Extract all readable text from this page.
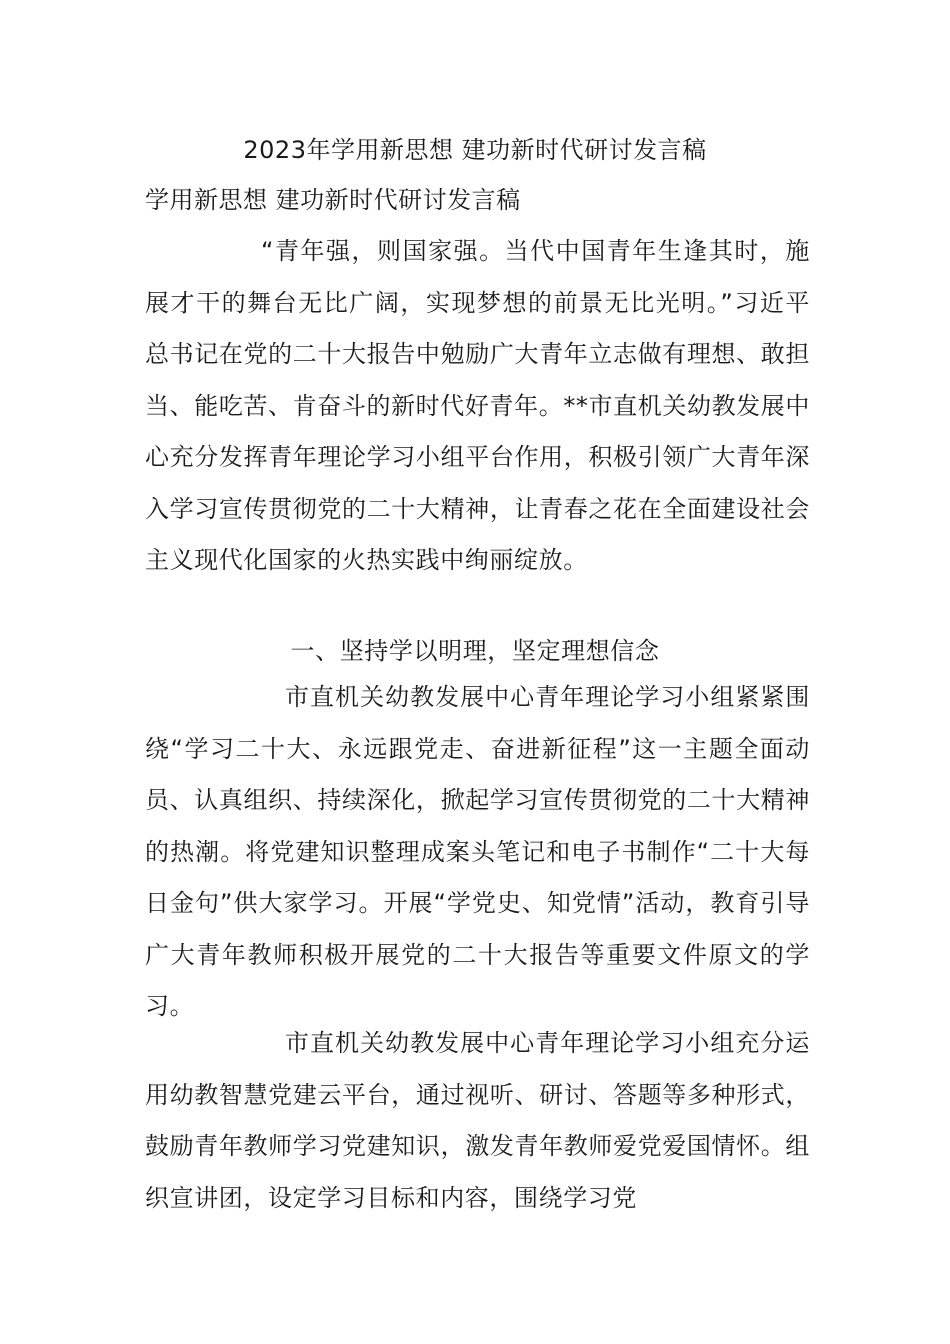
2023年学用新思想 建功新时代研讨发言稿
学用新思想 建功新时代研讨发言稿

“青年强，则国家强。当代中国青年生逢其时，施展才干的舞台无比广阔，实现梦想的前景无比光明。”习近平总书记在党的二十大报告中勉励广大青年立志做有理想、敢担当、能吃苦、肯奋斗的新时代好青年。**市直机关幼教发展中心充分发挥青年理论学习小组平台作用，积极引领广大青年深入学习宣传贯彻党的二十大精神，让青春之花在全面建设社会主义现代化国家的火热实践中绚丽绽放。

一、坚持学以明理，坚定理想信念

市直机关幼教发展中心青年理论学习小组紧紧围绕“学习二十大、永远跟党走、奋进新征程”这一主题全面动员、认真组织、持续深化，掀起学习宣传贯彻党的二十大精神的热潮。将党建知识整理成案头笔记和电子书制作“二十大每日金句”供大家学习。开展“学党史、知党情”活动，教育引导广大青年教师积极开展党的二十大报告等重要文件原文的学习。

市直机关幼教发展中心青年理论学习小组充分运用幼教智慧党建云平台，通过视听、研讨、答题等多种形式，鼓励青年教师学习党建知识，激发青年教师爱党爱国情怀。组织宣讲团，设定学习目标和内容，围绕学习党
